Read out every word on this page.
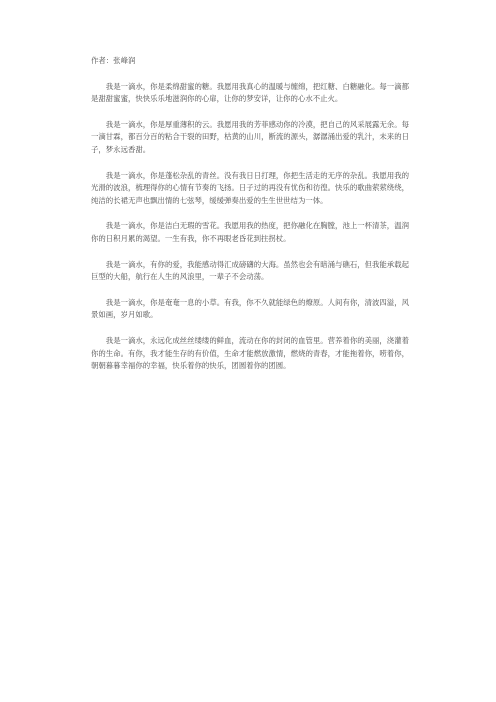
作者：张峰润

我是一滴水，你是柔绵甜蜜的糖。我愿用我真心的温暖与缠绵，把红糖、白糖融化。每一滴都是甜甜蜜蜜，快快乐乐地滋润你的心扉，让你的梦安详，让你的心水不止火。

我是一滴水，你是厚重薄积的云。我愿用我的芳菲感动你的冷漠，把自己的风采展露无余。每一滴甘霖，都百分百的粘合干裂的田野，枯黄的山川，断流的源头，潺潺涌出爱的乳汁，未来的日子，梦永远香甜。

我是一滴水，你是蓬松杂乱的青丝。没有我日日打理，你把生活走的无序的杂乱。我愿用我的光滑的波浪，梳理得你的心情有节奏的飞扬。日子过的再没有忧伤和彷徨。快乐的歌曲萦萦绕绕，纯洁的长裙无声也飘出情的七弦琴，缓缓弹奏出爱的生生世世结为一体。

我是一滴水，你是洁白无瑕的雪花。我愿用我的热度，把你融化在胸膛，池上一杯清茶，温润你的日积月累的渴望。一生有我，你不再眼老昏花到拄拐杖。

我是一滴水，有你的爱，我能感动得汇成磅礴的大海。虽然也会有暗涌与礁石，但我能承载起巨型的大船，航行在人生的风浪里，一辈子不会动荡。

我是一滴水，你是奄奄一息的小草。有我，你不久就能绿色的燎原。人间有你，清波四溢，风景如画，岁月如歌。

我是一滴水，永远化成丝丝缕缕的鲜血，流动在你的封闭的血管里。营养着你的美丽，浇灌着你的生命。有你，我才能生存的有价值，生命才能燃放激情，燃烧的青春，才能拖着你，唠着你，朝朝暮暮幸福你的幸福，快乐着你的快乐，团圆着你的团圆。
